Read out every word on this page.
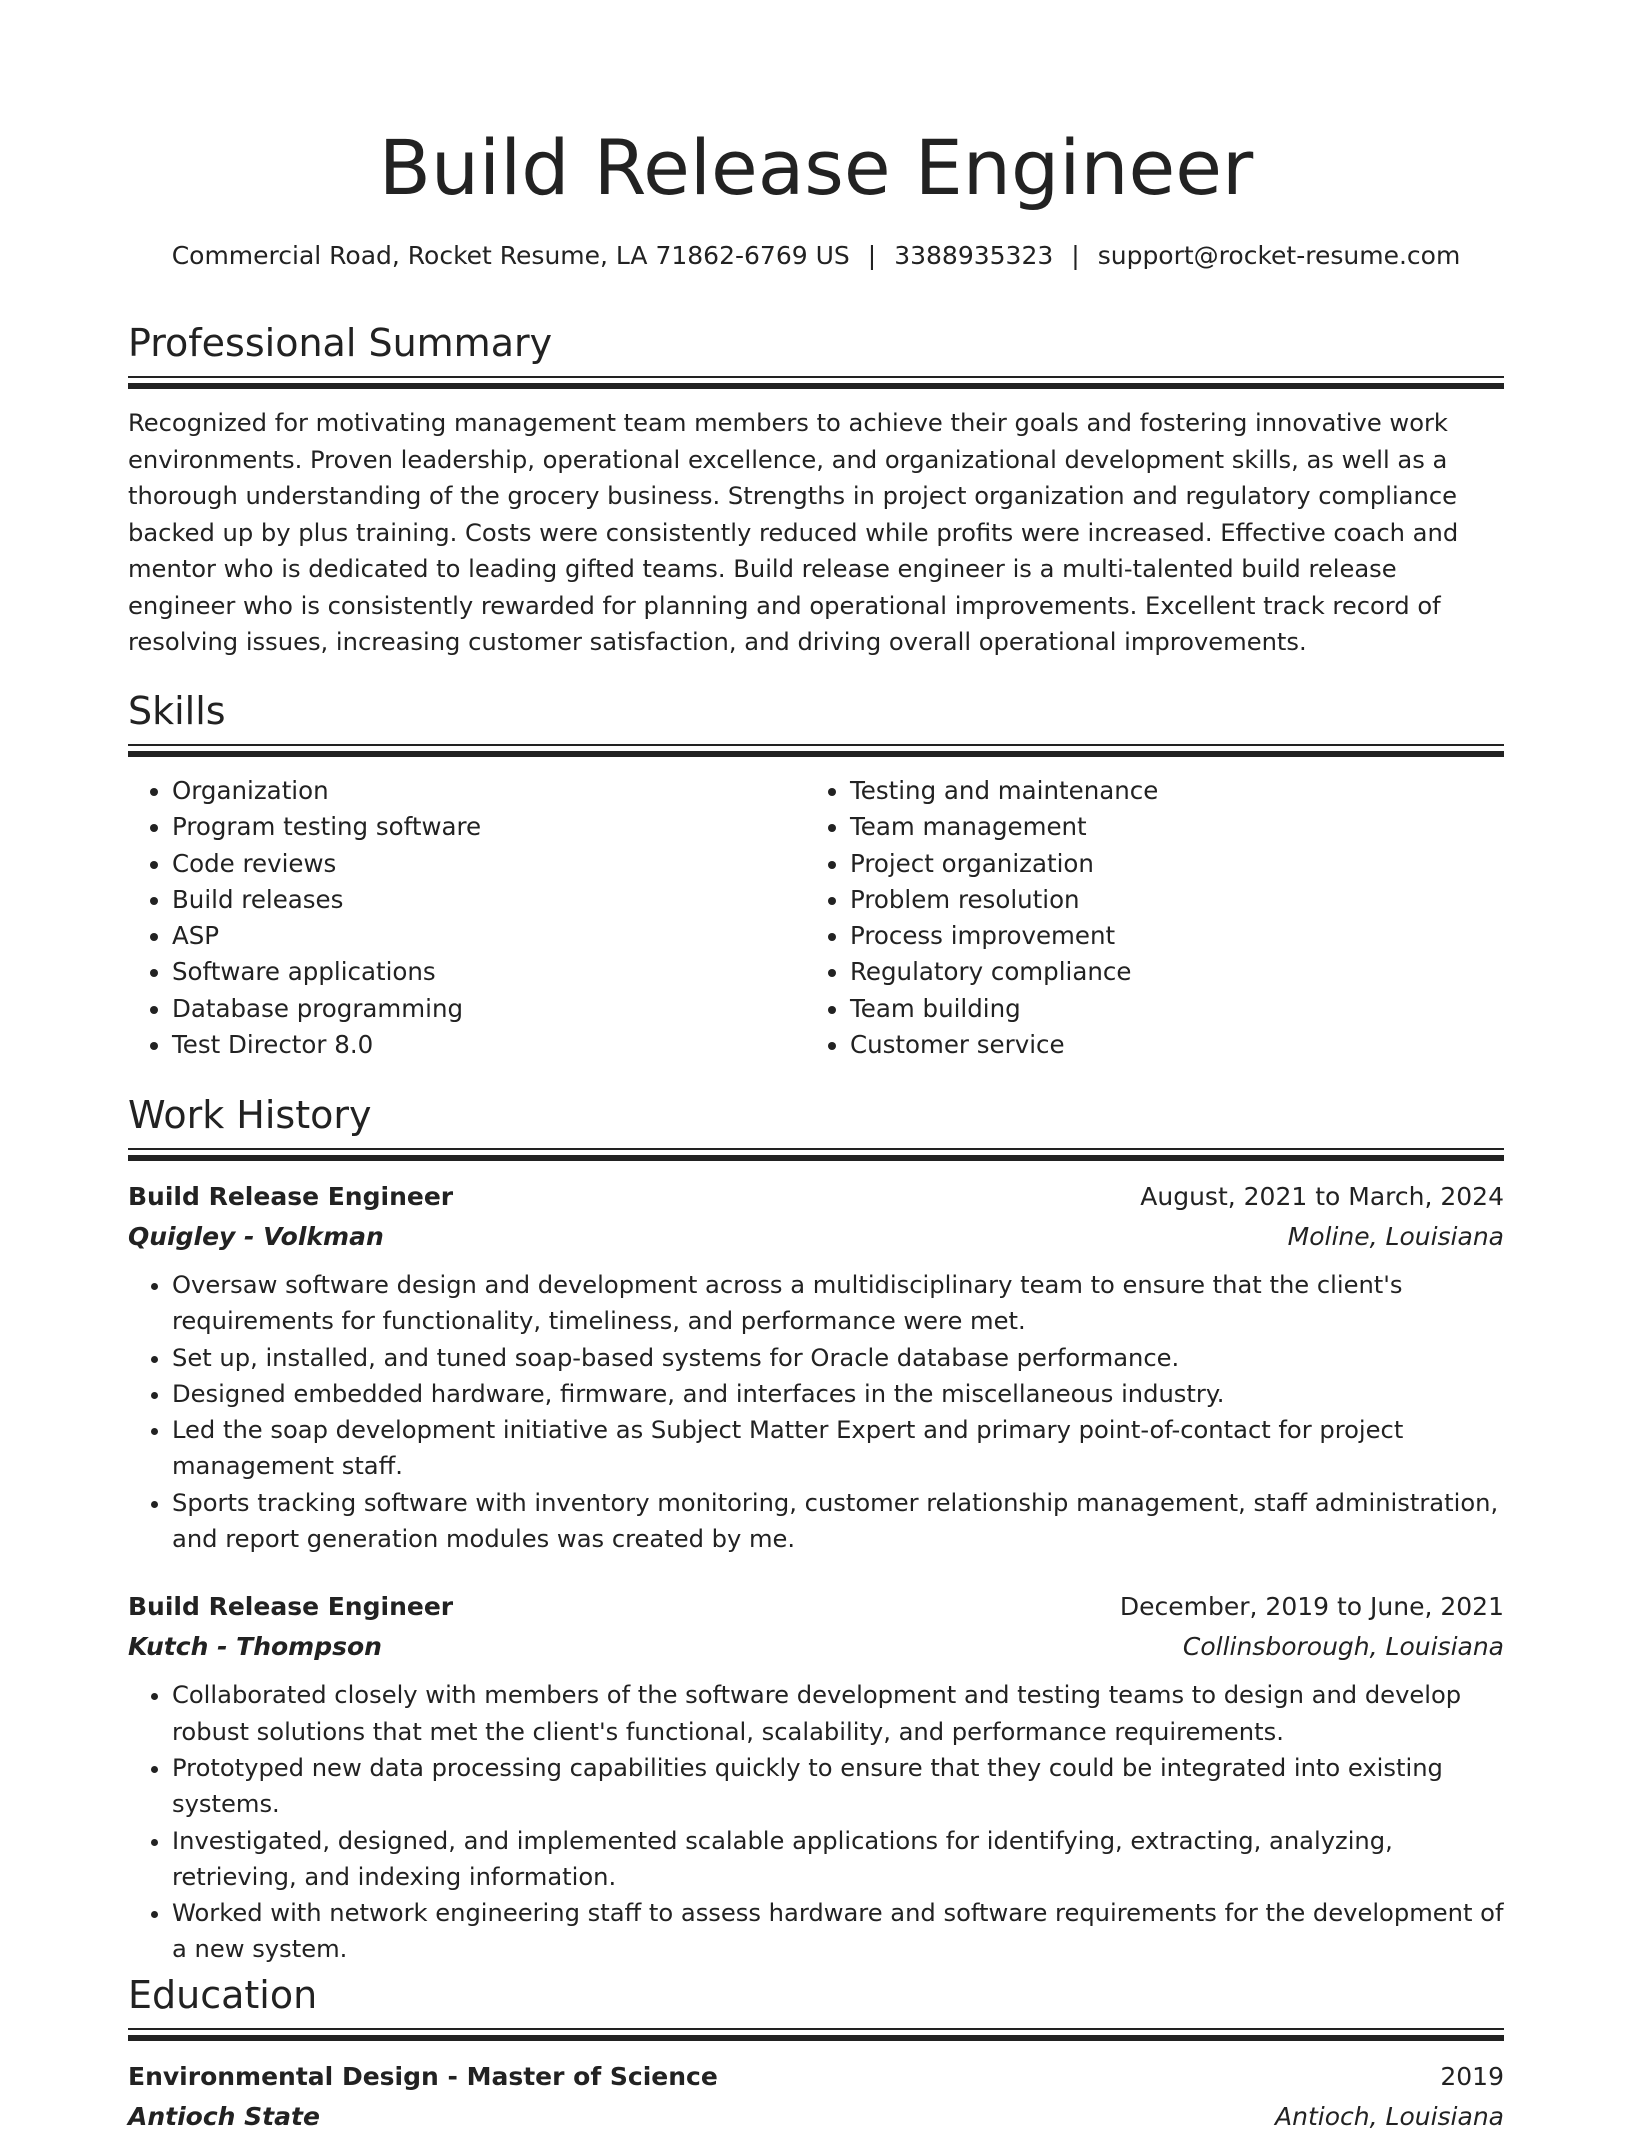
Build Release Engineer
Commercial Road, Rocket Resume, LA 71862-6769 US | 3388935323 | support@rocket-resume.com
Professional Summary

Recognized for motivating management team members to achieve their goals and fostering innovative work environments. Proven leadership, operational excellence, and organizational development skills, as well as a thorough understanding of the grocery business. Strengths in project organization and regulatory compliance backed up by plus training. Costs were consistently reduced while profits were increased. Effective coach and mentor who is dedicated to leading gifted teams. Build release engineer is a multi-talented build release engineer who is consistently rewarded for planning and operational improvements. Excellent track record of resolving issues, increasing customer satisfaction, and driving overall operational improvements.

Skills
• Organization
• Program testing software
• Code reviews
• Build releases
• ASP
• Software applications
• Database programming
• Test Director 8.0
• Testing and maintenance
• Team management
• Project organization
• Problem resolution
• Process improvement
• Regulatory compliance
• Team building
• Customer service
Work History
Build Release Engineer	August, 2021 to March, 2024
Quigley - Volkman	Moline, Louisiana
• Oversaw software design and development across a multidisciplinary team to ensure that the client's requirements for functionality, timeliness, and performance were met.
• Set up, installed, and tuned soap-based systems for Oracle database performance.
• Designed embedded hardware, firmware, and interfaces in the miscellaneous industry.
• Led the soap development initiative as Subject Matter Expert and primary point-of-contact for project management staff.
• Sports tracking software with inventory monitoring, customer relationship management, staff administration, and report generation modules was created by me.
Build Release Engineer	December, 2019 to June, 2021
Kutch - Thompson	Collinsborough, Louisiana
• Collaborated closely with members of the software development and testing teams to design and develop robust solutions that met the client's functional, scalability, and performance requirements.
• Prototyped new data processing capabilities quickly to ensure that they could be integrated into existing systems.
• Investigated, designed, and implemented scalable applications for identifying, extracting, analyzing, retrieving, and indexing information.
• Worked with network engineering staff to assess hardware and software requirements for the development of a new system.
Education
Environmental Design - Master of Science	2019
Antioch State	Antioch, Louisiana
